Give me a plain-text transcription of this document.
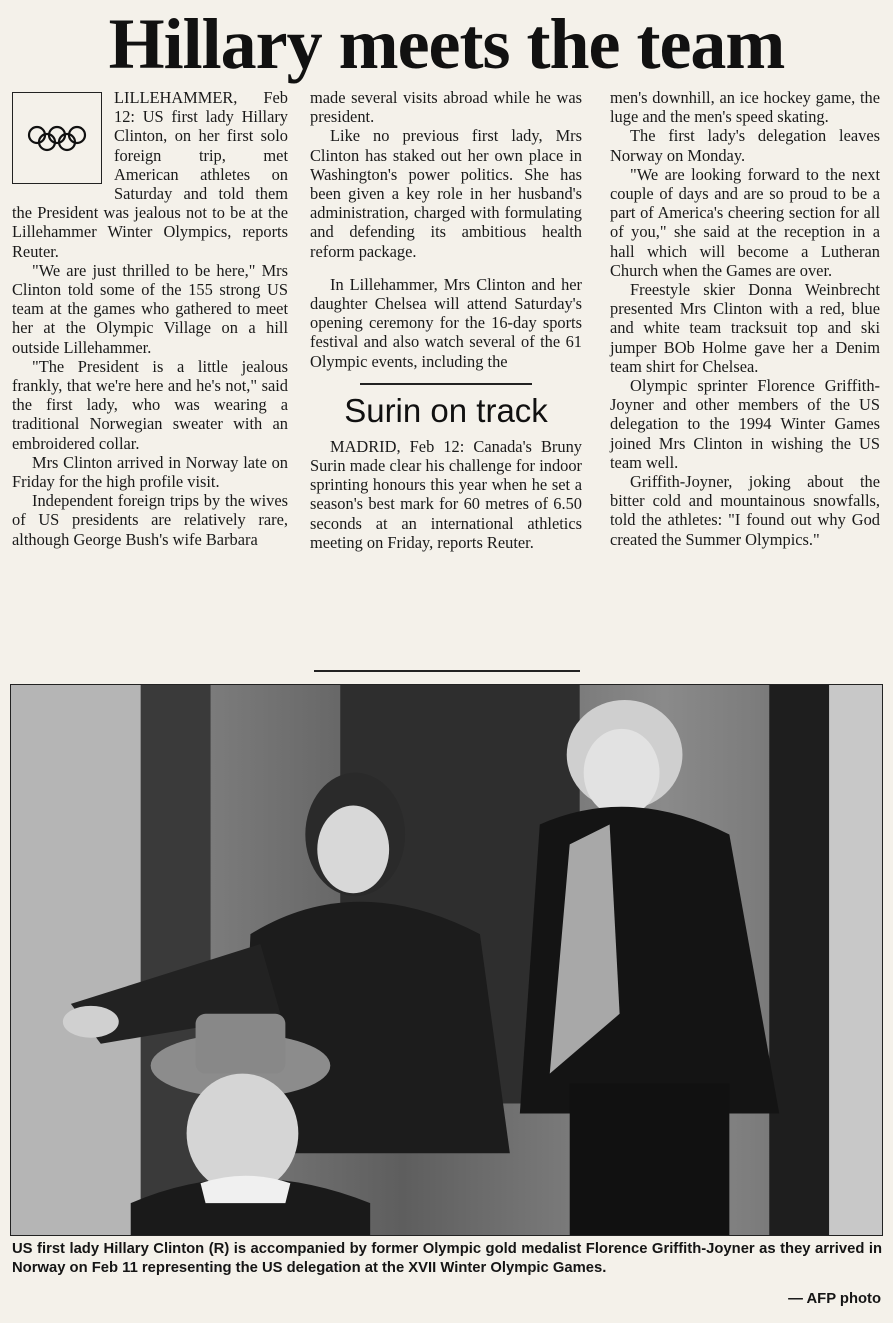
Hillary meets the team

LILLEHAMMER, Feb 12: US first lady Hillary Clinton, on her first solo foreign trip, met American athletes on Saturday and told them the President was jealous not to be at the Lillehammer Winter Olympics, reports Reuter.

"We are just thrilled to be here," Mrs Clinton told some of the 155 strong US team at the games who gathered to meet her at the Olympic Village on a hill outside Lillehammer.

"The President is a little jealous frankly, that we're here and he's not," said the first lady, who was wearing a traditional Norwegian sweater with an embroidered collar.

Mrs Clinton arrived in Norway late on Friday for the high profile visit.

Independent foreign trips by the wives of US presidents are relatively rare, although George Bush's wife Barbara

made several visits abroad while he was president.

Like no previous first lady, Mrs Clinton has staked out her own place in Washington's power politics. She has been given a key role in her husband's administration, charged with formulating and defending its ambitious health reform package.

In Lillehammer, Mrs Clinton and her daughter Chelsea will attend Saturday's opening ceremony for the 16-day sports festival and also watch several of the 61 Olympic events, including the

Surin on track

MADRID, Feb 12: Canada's Bruny Surin made clear his challenge for indoor sprinting honours this year when he set a season's best mark for 60 metres of 6.50 seconds at an international athletics meeting on Friday, reports Reuter.

men's downhill, an ice hockey game, the luge and the men's speed skating.

The first lady's delegation leaves Norway on Monday.

"We are looking forward to the next couple of days and are so proud to be a part of America's cheering section for all of you," she said at the reception in a hall which will become a Lutheran Church when the Games are over.

Freestyle skier Donna Weinbrecht presented Mrs Clinton with a red, blue and white team tracksuit top and ski jumper BOb Holme gave her a Denim team shirt for Chelsea.

Olympic sprinter Florence Griffith-Joyner and other members of the US delegation to the 1994 Winter Games joined Mrs Clinton in wishing the US team well.

Griffith-Joyner, joking about the bitter cold and mountainous snowfalls, told the athletes: "I found out why God created the Summer Olympics."

US first lady Hillary Clinton (R) is accompanied by former Olympic gold medalist Florence Griffith-Joyner as they arrived in Norway on Feb 11 representing the US delegation at the XVII Winter Olympic Games.
— AFP photo
